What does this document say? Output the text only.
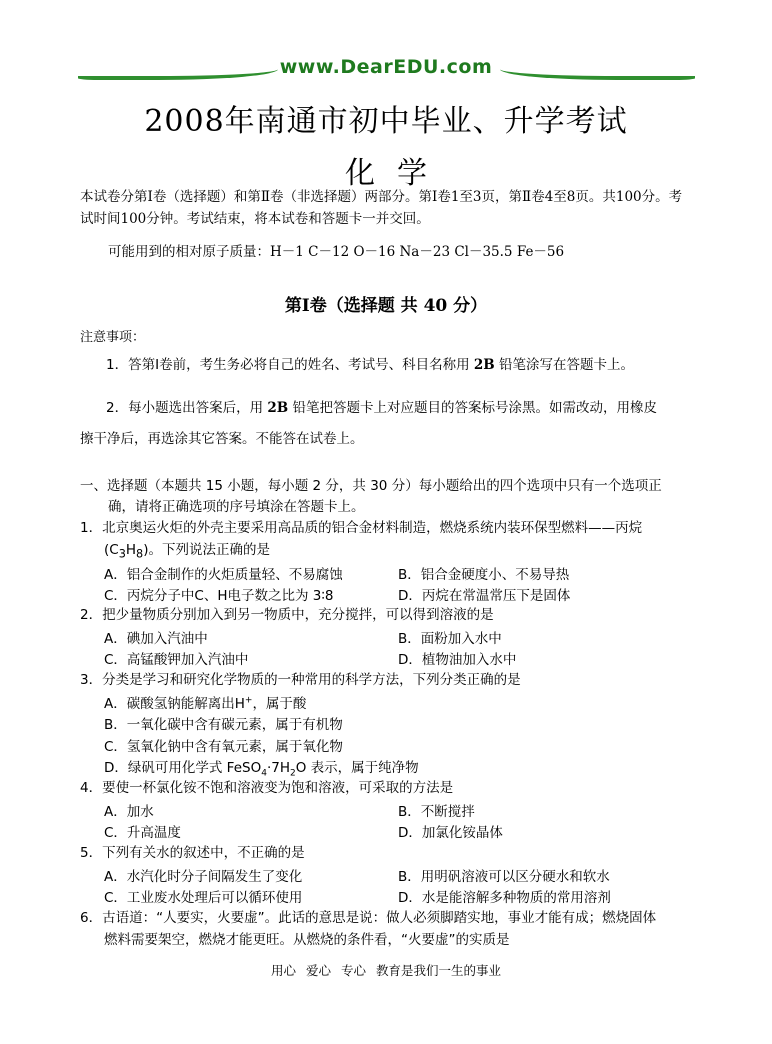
www.DearEDU.com
2008年南通市初中毕业、升学考试
化学
本试卷分第Ⅰ卷（选择题）和第Ⅱ卷（非选择题）两部分。第Ⅰ卷1至3页，第Ⅱ卷4至8页。共100分。考
试时间100分钟。考试结束，将本试卷和答题卡一并交回。
可能用到的相对原子质量：H－1 C－12 O－16 Na－23 Cl－35.5 Fe－56
第Ⅰ卷（选择题 共 40 分）
注意事项：
1．答第Ⅰ卷前，考生务必将自己的姓名、考试号、科目名称用 2B 铅笔涂写在答题卡上。
2．每小题选出答案后，用 2B 铅笔把答题卡上对应题目的答案标号涂黑。如需改动，用橡皮
擦干净后，再选涂其它答案。不能答在试卷上。
一、选择题（本题共 15 小题，每小题 2 分，共 30 分）每小题给出的四个选项中只有一个选项正
确，请将正确选项的序号填涂在答题卡上。
1．北京奥运火炬的外壳主要采用高品质的铝合金材料制造，燃烧系统内装环保型燃料——丙烷
$(C_3H_8)$。下列说法正确的是
A．铝合金制作的火炬质量轻、不易腐蚀	B．铝合金硬度小、不易导热
C．丙烷分子中C、H电子数之比为 3∶8	D．丙烷在常温常压下是固体
2．把少量物质分别加入到另一物质中，充分搅拌，可以得到溶液的是
A．碘加入汽油中	B．面粉加入水中
C．高锰酸钾加入汽油中	D．植物油加入水中
3．分类是学习和研究化学物质的一种常用的科学方法，下列分类正确的是
A．碳酸氢钠能解离出H+，属于酸
B．一氧化碳中含有碳元素，属于有机物
C．氢氧化钠中含有氧元素，属于氧化物
D．绿矾可用化学式 $FeSO_4\cdot 7H_2O$ 表示，属于纯净物
4．要使一杯氯化铵不饱和溶液变为饱和溶液，可采取的方法是
A．加水	B．不断搅拌
C．升高温度	D．加氯化铵晶体
5．下列有关水的叙述中，不正确的是
A．水汽化时分子间隔发生了变化	B．用明矾溶液可以区分硬水和软水
C．工业废水处理后可以循环使用	D．水是能溶解多种物质的常用溶剂
6．古语道：“人要实，火要虚”。此话的意思是说：做人必须脚踏实地，事业才能有成；燃烧固体
燃料需要架空，燃烧才能更旺。从燃烧的条件看，“火要虚”的实质是
用心 爱心 专心 教育是我们一生的事业
